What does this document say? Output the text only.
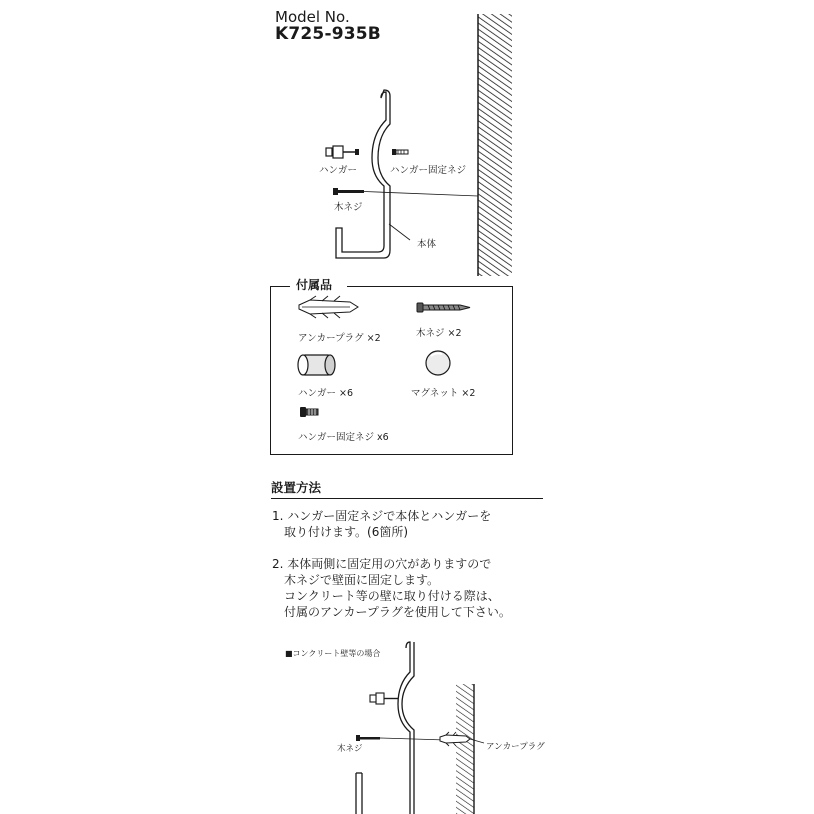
Model No.
K725-935B
ハンガー	ハンガー固定ネジ
木ネジ
本体
付属品
アンカープラグ ×2	木ネジ ×2
ハンガー ×6	マグネット ×2
ハンガー固定ネジ x6
設置方法
1. ハンガー固定ネジで本体とハンガーを
　取り付けます。(6箇所)
2. 本体両側に固定用の穴がありますので
　木ネジで壁面に固定します。
　コンクリート等の壁に取り付ける際は、
　付属のアンカープラグを使用して下さい。
■コンクリート壁等の場合
木ネジ	アンカープラグ
